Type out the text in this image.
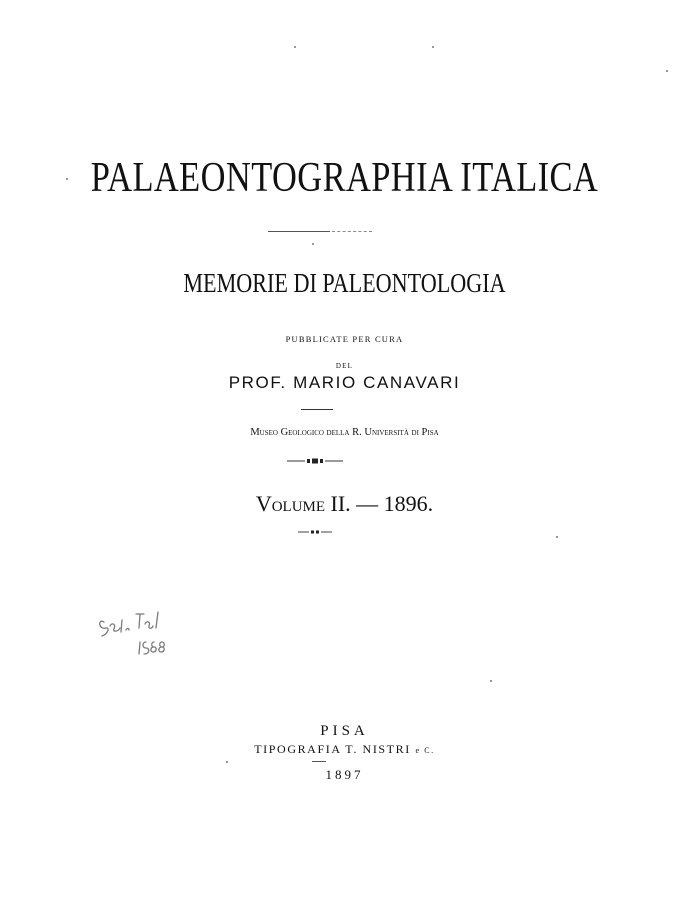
PALAEONTOGRAPHIA ITALICA
MEMORIE DI PALEONTOLOGIA
PUBBLICATE PER CURA
DEL
PROF. MARIO CANAVARI
Museo Geologico della R. Università di Pisa
Volume II. — 1896.
PISA
TIPOGRAFIA T. NISTRI e C.
1897
